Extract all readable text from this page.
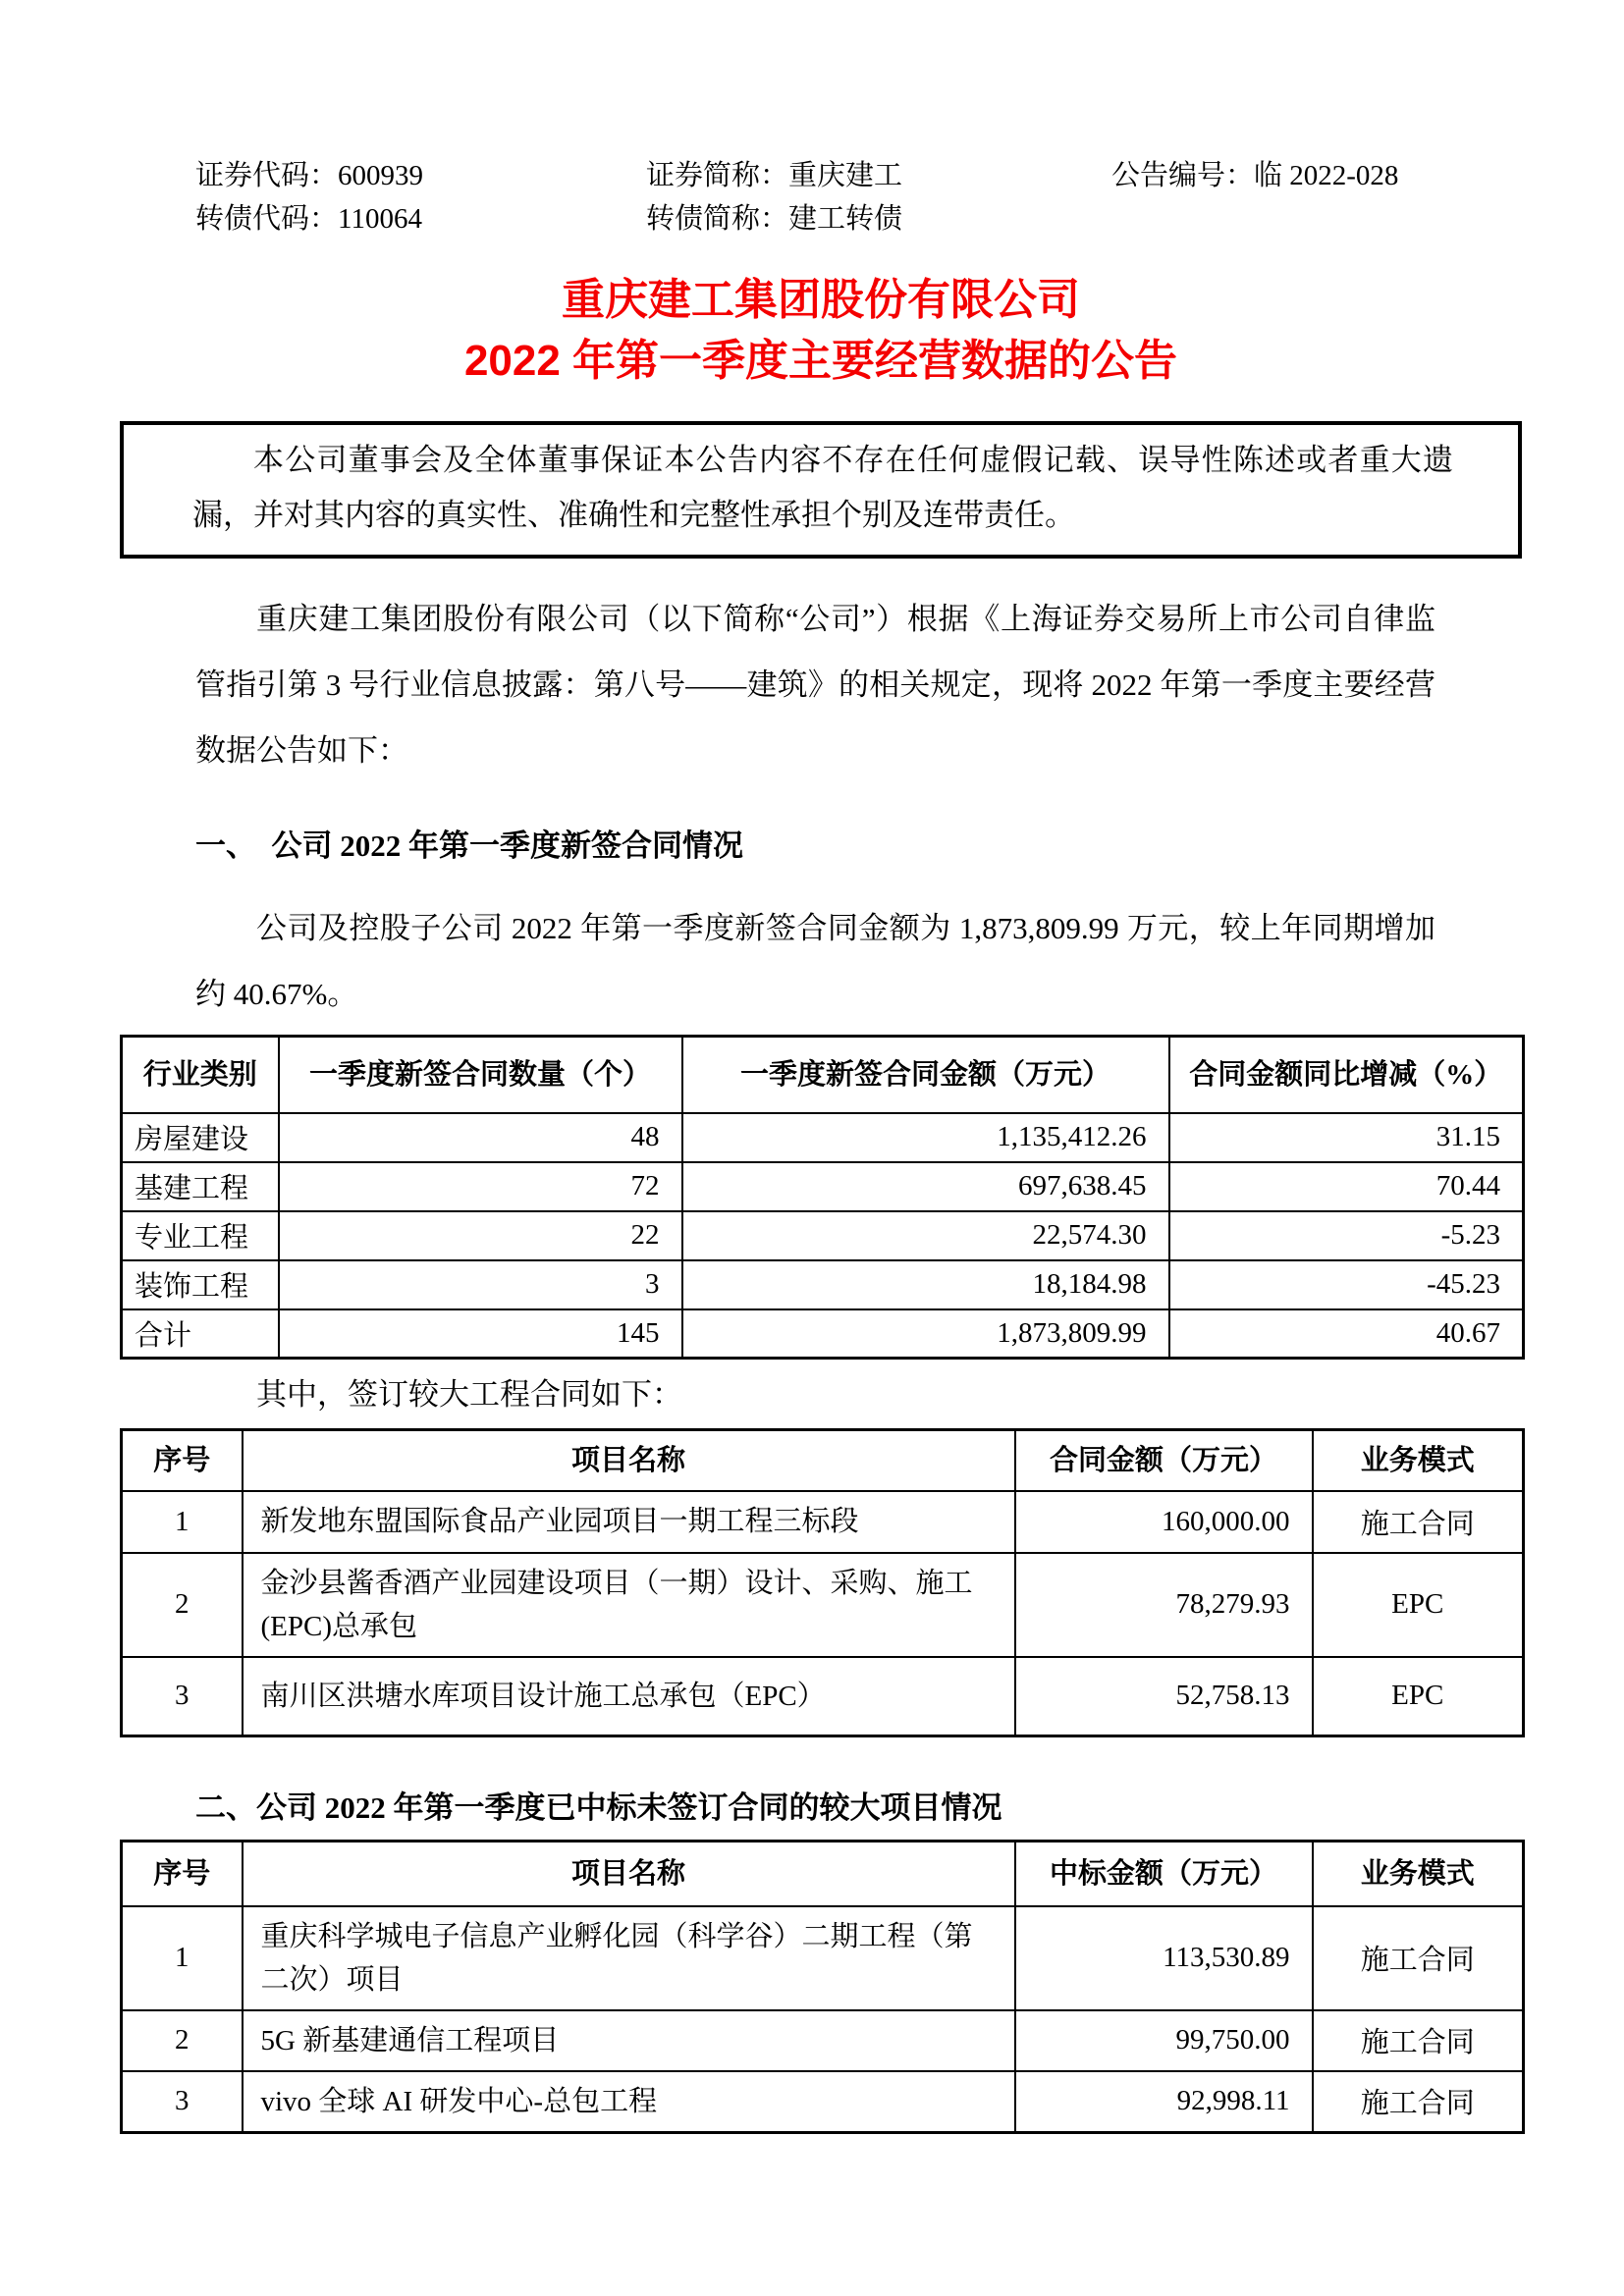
证券代码：600939	证券简称：重庆建工	公告编号：临 2022-028
转债代码：110064	转债简称：建工转债
重庆建工集团股份有限公司
2022 年第一季度主要经营数据的公告
本公司董事会及全体董事保证本公告内容不存在任何虚假记载、误导性陈述或者重大遗漏，并对其内容的真实性、准确性和完整性承担个别及连带责任。

重庆建工集团股份有限公司（以下简称“公司”）根据《上海证券交易所上市公司自律监管指引第 3 号行业信息披露：第八号——建筑》的相关规定，现将 2022 年第一季度主要经营数据公告如下：

一、　公司 2022 年第一季度新签合同情况

公司及控股子公司 2022 年第一季度新签合同金额为 1,873,809.99 万元，较上年同期增加约 40.67%。

行业类别	一季度新签合同数量（个）	一季度新签合同金额（万元）	合同金额同比增减（%）
房屋建设	48	1,135,412.26	31.15
基建工程	72	697,638.45	70.44
专业工程	22	22,574.30	-5.23
装饰工程	3	18,184.98	-45.23
合计	145	1,873,809.99	40.67

其中，签订较大工程合同如下：

序号	项目名称	合同金额（万元）	业务模式
1	新发地东盟国际食品产业园项目一期工程三标段	160,000.00	施工合同
2	金沙县酱香酒产业园建设项目（一期）设计、采购、施工(EPC)总承包	78,279.93	EPC
3	南川区洪塘水库项目设计施工总承包（EPC）	52,758.13	EPC
二、公司 2022 年第一季度已中标未签订合同的较大项目情况
序号	项目名称	中标金额（万元）	业务模式
1	重庆科学城电子信息产业孵化园（科学谷）二期工程（第二次）项目	113,530.89	施工合同
2	5G 新基建通信工程项目	99,750.00	施工合同
3	vivo 全球 AI 研发中心-总包工程	92,998.11	施工合同
